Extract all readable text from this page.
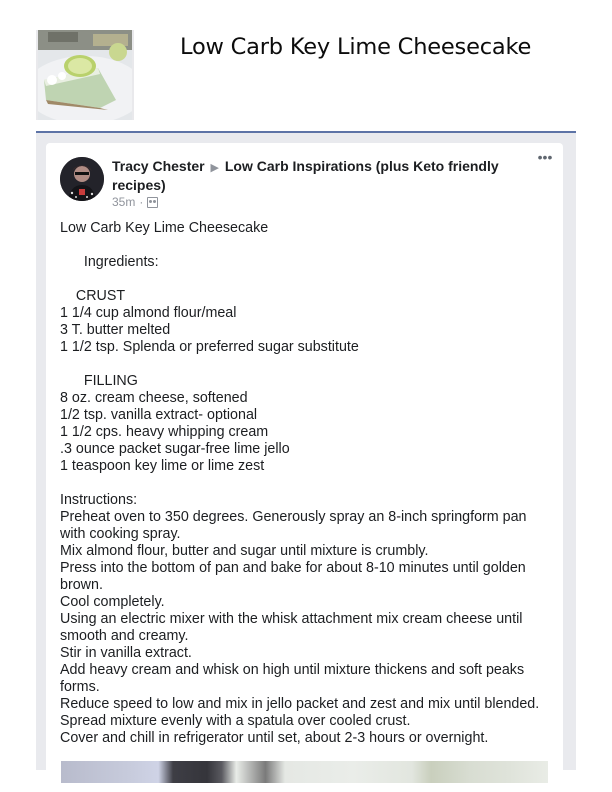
Low Carb Key Lime Cheesecake
Tracy Chester ▶ Low Carb Inspirations (plus Keto friendly recipes)
35m ·
•••
Low Carb Key Lime Cheesecake
Ingredients:
CRUST
1 1/4 cup almond flour/meal
3 T. butter melted
1 1/2 tsp. Splenda or preferred sugar substitute
FILLING
8 oz. cream cheese, softened
1/2 tsp. vanilla extract- optional
1 1/2 cps. heavy whipping cream
.3 ounce packet sugar-free lime jello
1 teaspoon key lime or lime zest
Instructions:
Preheat oven to 350 degrees. Generously spray an 8-inch springform pan with cooking spray.
Mix almond flour, butter and sugar until mixture is crumbly.
Press into the bottom of pan and bake for about 8-10 minutes until golden brown.
Cool completely.
Using an electric mixer with the whisk attachment mix cream cheese until smooth and creamy.
Stir in vanilla extract.
Add heavy cream and whisk on high until mixture thickens and soft peaks forms.
Reduce speed to low and mix in jello packet and zest and mix until blended.
Spread mixture evenly with a spatula over cooled crust.
Cover and chill in refrigerator until set, about 2-3 hours or overnight.
